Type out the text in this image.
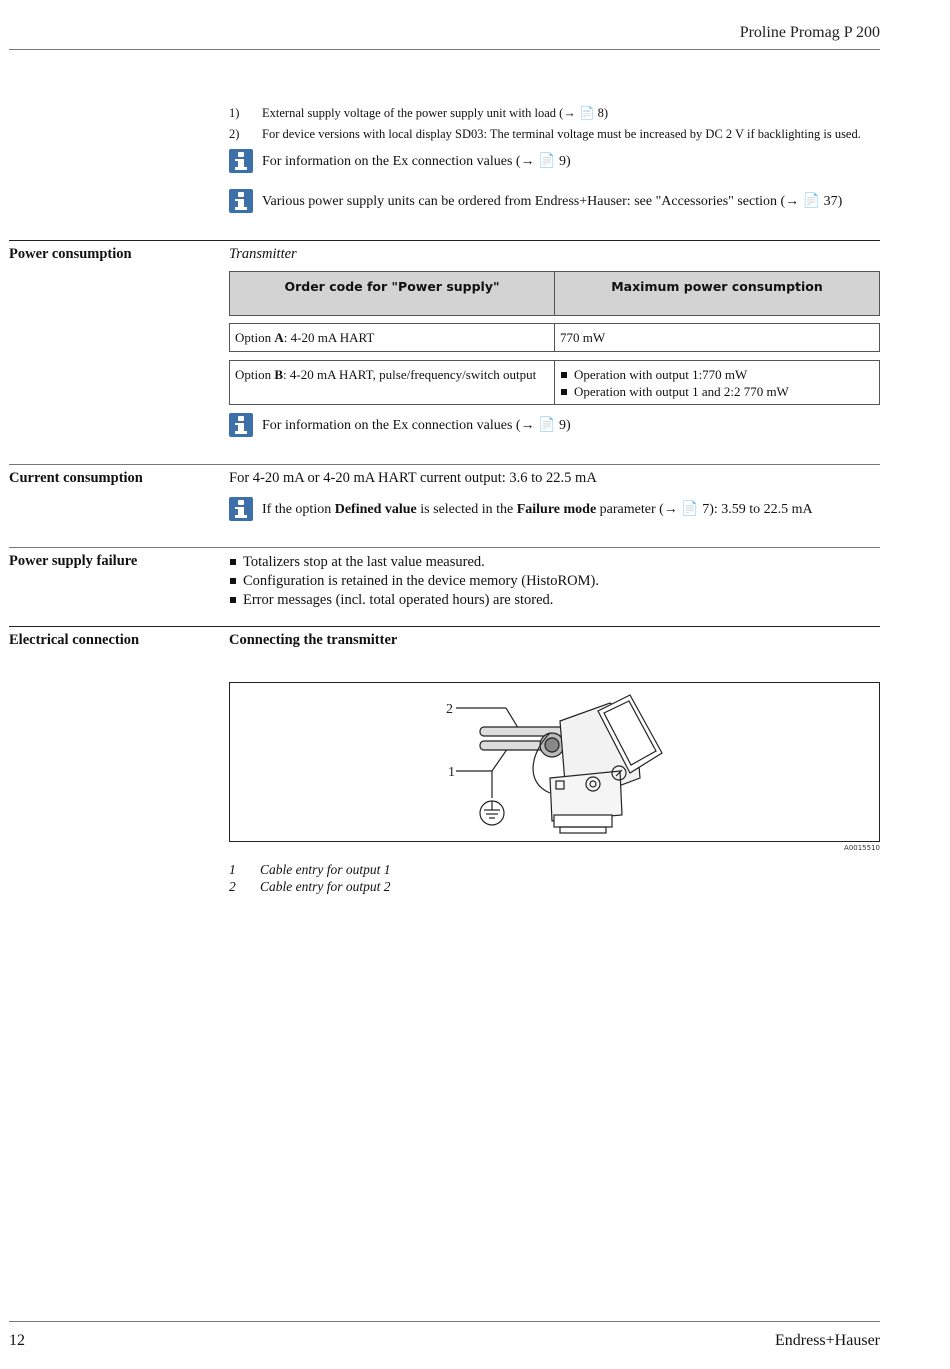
Proline Promag P 200
1)	External supply voltage of the power supply unit with load (→ 📄 8)
2)	For device versions with local display SD03: The terminal voltage must be increased by DC 2 V if backlighting is used.
For information on the Ex connection values (→ 📄 9)
Various power supply units can be ordered from Endress+Hauser: see "Accessories" section (→ 📄 37)
Power consumption	Transmitter
Order code for "Power supply"	Maximum power consumption
Option A: 4-20 mA HART	770 mW
Option B: 4-20 mA HART, pulse/frequency/switch output	Operation with output 1:770 mW
Operation with output 1 and 2:2 770 mW
For information on the Ex connection values (→ 📄 9)
Current consumption	For 4-20 mA or 4-20 mA HART current output: 3.6 to 22.5 mA
If the option Defined value is selected in the Failure mode parameter (→ 📄 7): 3.59 to 22.5 mA
Power supply failure	Totalizers stop at the last value measured.
Configuration is retained in the device memory (HistoROM).
Error messages (incl. total operated hours) are stored.
Electrical connection	Connecting the transmitter
2
1
A0015510
1	Cable entry for output 1
2	Cable entry for output 2
12	Endress+Hauser
